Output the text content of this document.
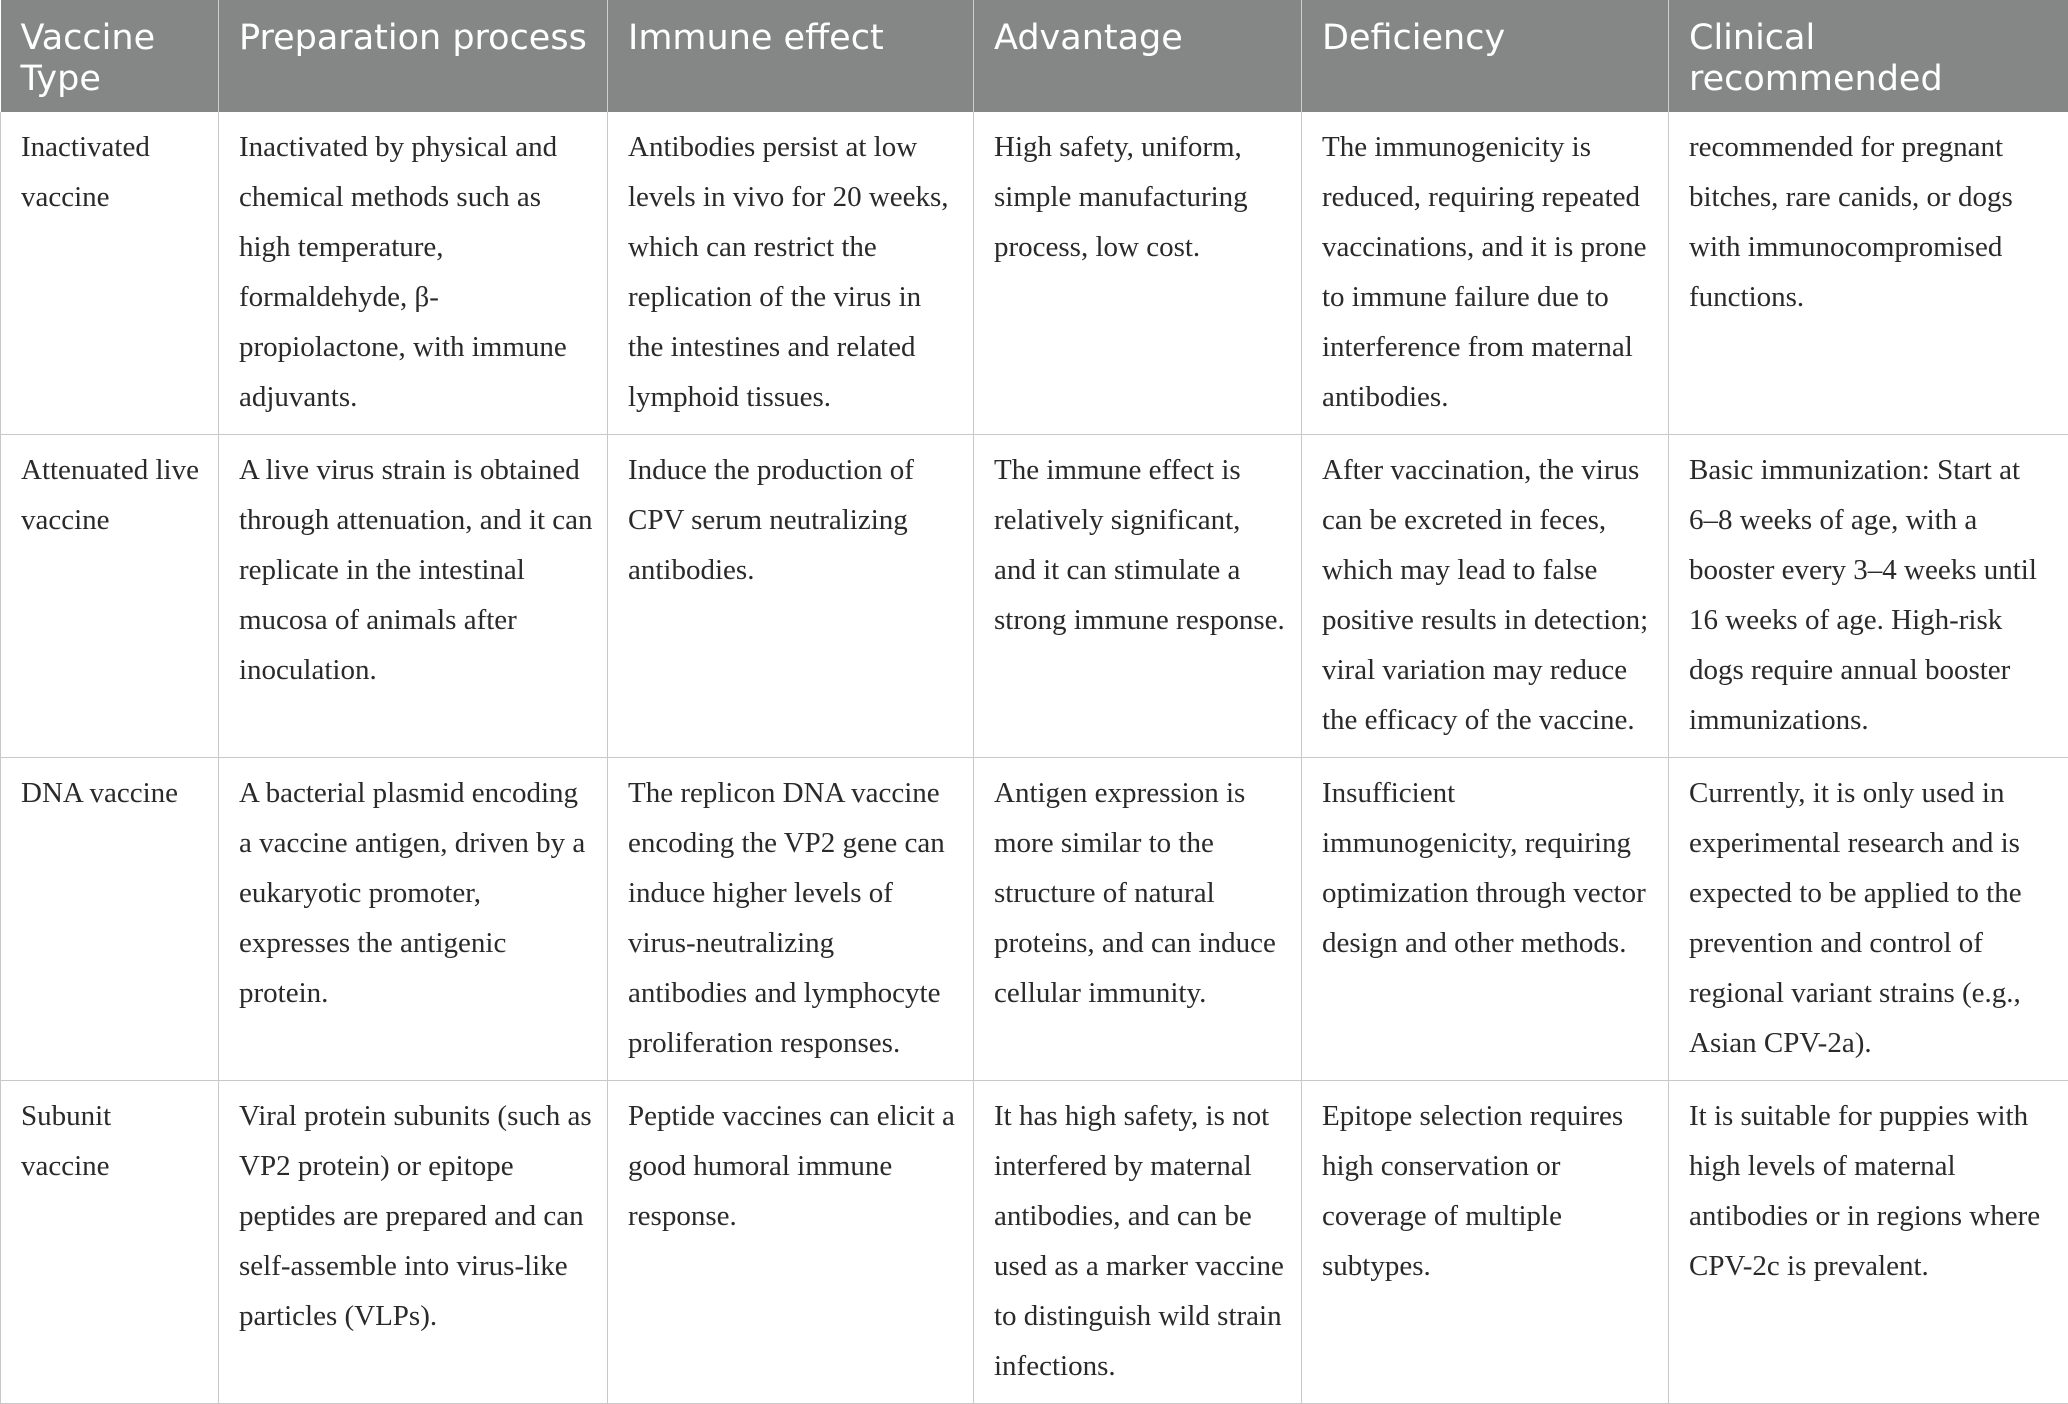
Vaccine Type	Preparation process	Immune effect	Advantage	Deficiency	Clinical recommended
Inactivated vaccine	Inactivated by physical and chemical methods such as high temperature, formaldehyde, β-propiolactone, with immune adjuvants.	Antibodies persist at low levels in vivo for 20 weeks, which can restrict the replication of the virus in the intestines and related lymphoid tissues.	High safety, uniform, simple manufacturing process, low cost.	The immunogenicity is reduced, requiring repeated vaccinations, and it is prone to immune failure due to interference from maternal antibodies.	recommended for pregnant bitches, rare canids, or dogs with immunocompromised functions.
Attenuated live vaccine	A live virus strain is obtained through attenuation, and it can replicate in the intestinal mucosa of animals after inoculation.	Induce the production of CPV serum neutralizing antibodies.	The immune effect is relatively significant, and it can stimulate a strong immune response.	After vaccination, the virus can be excreted in feces, which may lead to false positive results in detection; viral variation may reduce the efficacy of the vaccine.	Basic immunization: Start at 6–8 weeks of age, with a booster every 3–4 weeks until 16 weeks of age. High-risk dogs require annual booster immunizations.
DNA vaccine	A bacterial plasmid encoding a vaccine antigen, driven by a eukaryotic promoter, expresses the antigenic protein.	The replicon DNA vaccine encoding the VP2 gene can induce higher levels of virus-neutralizing antibodies and lymphocyte proliferation responses.	Antigen expression is more similar to the structure of natural proteins, and can induce cellular immunity.	Insufficient immunogenicity, requiring optimization through vector design and other methods.	Currently, it is only used in experimental research and is expected to be applied to the prevention and control of regional variant strains (e.g., Asian CPV-2a).
Subunit vaccine	Viral protein subunits (such as VP2 protein) or epitope peptides are prepared and can self-assemble into virus-like particles (VLPs).	Peptide vaccines can elicit a good humoral immune response.	It has high safety, is not interfered by maternal antibodies, and can be used as a marker vaccine to distinguish wild strain infections.	Epitope selection requires high conservation or coverage of multiple subtypes.	It is suitable for puppies with high levels of maternal antibodies or in regions where CPV-2c is prevalent.
